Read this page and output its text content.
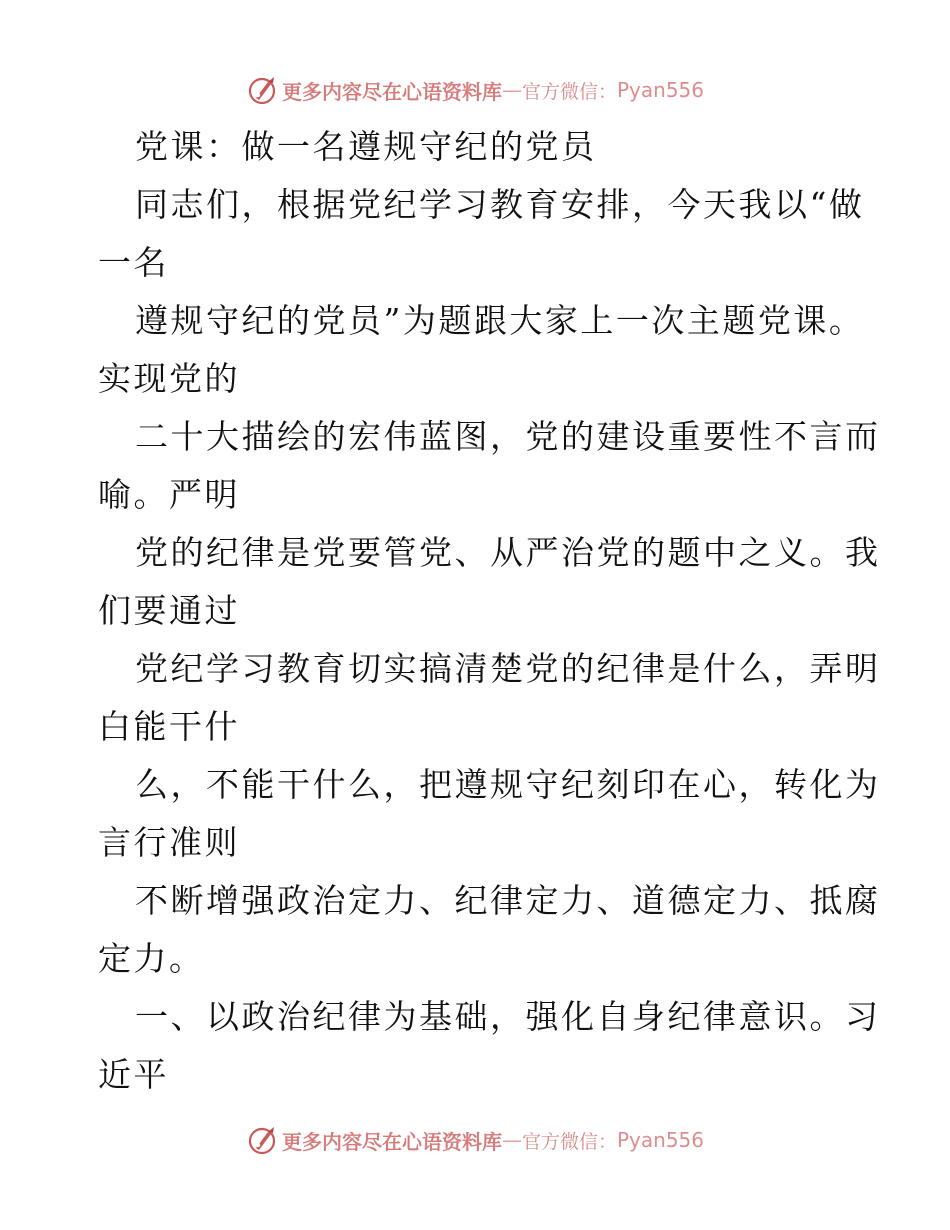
更多内容尽在心语资料库 — 官方微信： Pyan556
党课：做一名遵规守纪的党员
同志们，根据党纪学习教育安排，今天我以“做
一名
遵规守纪的党员”为题跟大家上一次主题党课。
实现党的
二十大描绘的宏伟蓝图，党的建设重要性不言而
喻。严明
党的纪律是党要管党、从严治党的题中之义。我
们要通过
党纪学习教育切实搞清楚党的纪律是什么，弄明
白能干什
么，不能干什么，把遵规守纪刻印在心，转化为
言行准则
不断增强政治定力、纪律定力、道德定力、抵腐
定力。
一、以政治纪律为基础，强化自身纪律意识。习
近平
更多内容尽在心语资料库 — 官方微信： Pyan556
